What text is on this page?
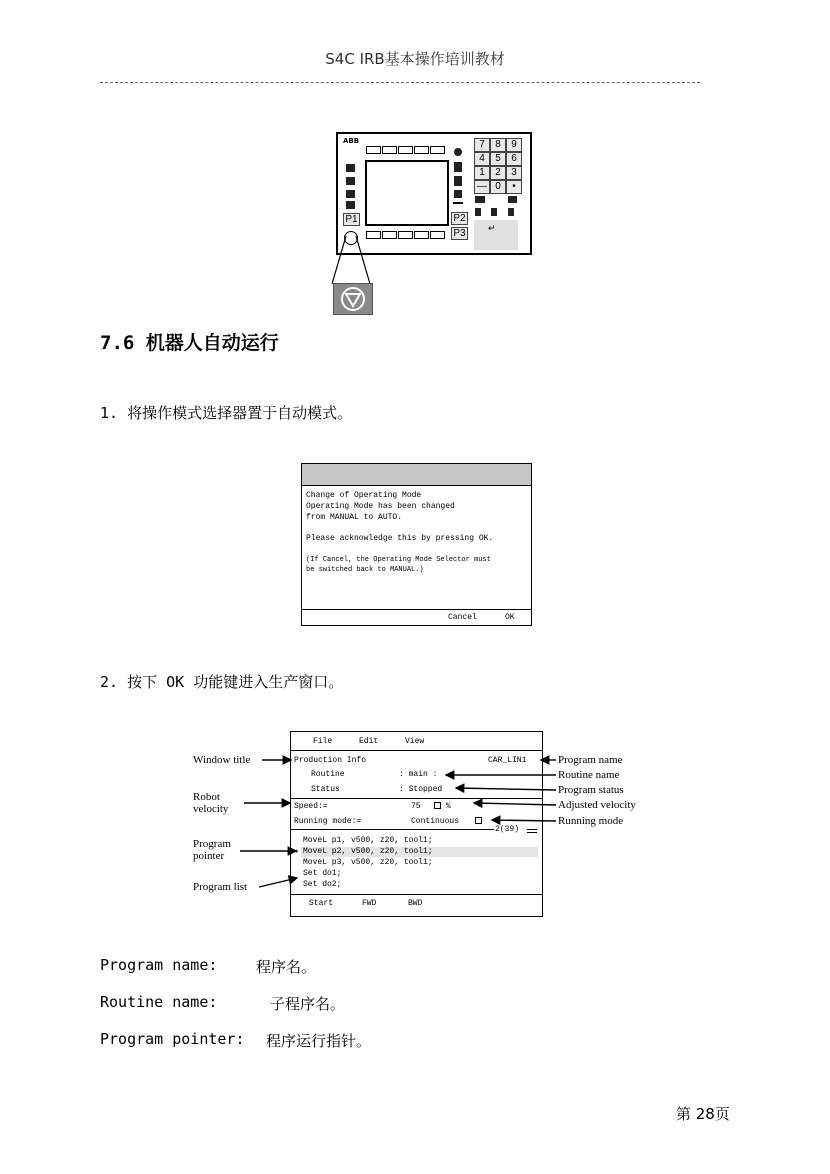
S4C IRB基本操作培训教材
ABB
P1	P2
P3
7	8	9
4	5	6
1	2	3
— 0	•
↵
7.6 机器人自动运行
1. 将操作模式选择器置于自动模式。
Change of Operating Mode
Operating Mode has been changed
from MANUAL to AUTO.
Please acknowledge this by pressing OK.
(If Cancel, the Operating Mode Selector must
be switched back to MANUAL.)
Cancel	OK
2. 按下 OK 功能键进入生产窗口。
File	Edit	View
Production Info	CAR_LIN1
Routine	: main :
Status	: Stopped
Speed:=	75	%
Running mode:=	Continuous
2(39)
MoveL p1, v500, z20, tool1;
➔ MoveL p2, v500, z20, tool1;
MoveL p3, v500, z20, tool1;
Set do1;
Set do2;
Start	FWD	BWD
Window title
Robot
velocity
Program
pointer
Program list
Program name
Routine name
Program status
Adjusted velocity
Running mode
Program name:	程序名。
Routine name:	子程序名。
Program pointer: 程序运行指针。
第 28页
